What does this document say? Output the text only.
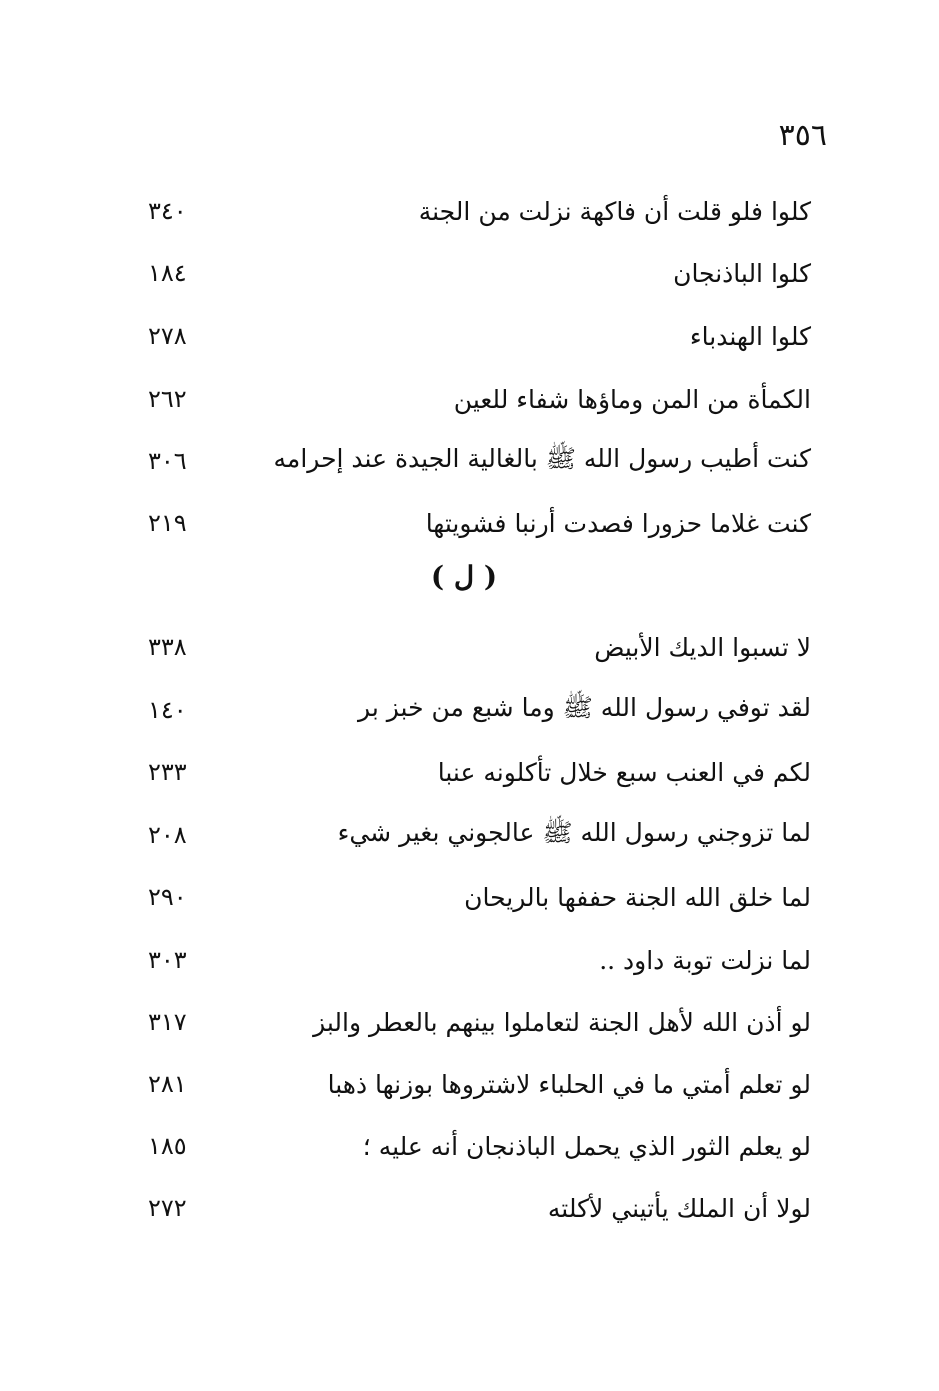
٣٥٦
٣٤٠	كلوا فلو قلت أن فاكهة نزلت من الجنة
١٨٤	كلوا الباذنجان
٢٧٨	كلوا الهندباء
٢٦٢	الكمأة من المن وماؤها شفاء للعين
٣٠٦	كنت أطيب رسول الله ﷺ بالغالية الجيدة عند إحرامه
٢١٩	كنت غلاما حزورا فصدت أرنبا فشويتها
( ل )
٣٣٨	لا تسبوا الديك الأبيض
١٤٠	لقد توفي رسول الله ﷺ وما شبع من خبز بر
٢٣٣	لكم في العنب سبع خلال تأكلونه عنبا
٢٠٨	لما تزوجني رسول الله ﷺ عالجوني بغير شيء
٢٩٠	لما خلق الله الجنة حففها بالريحان
٣٠٣	لما نزلت توبة داود ..
٣١٧	لو أذن الله لأهل الجنة لتعاملوا بينهم بالعطر والبز
٢٨١	لو تعلم أمتي ما في الحلباء لاشتروها بوزنها ذهبا
١٨٥	لو يعلم الثور الذي يحمل الباذنجان أنه عليه ؛
٢٧٢	لولا أن الملك يأتيني لأكلته
